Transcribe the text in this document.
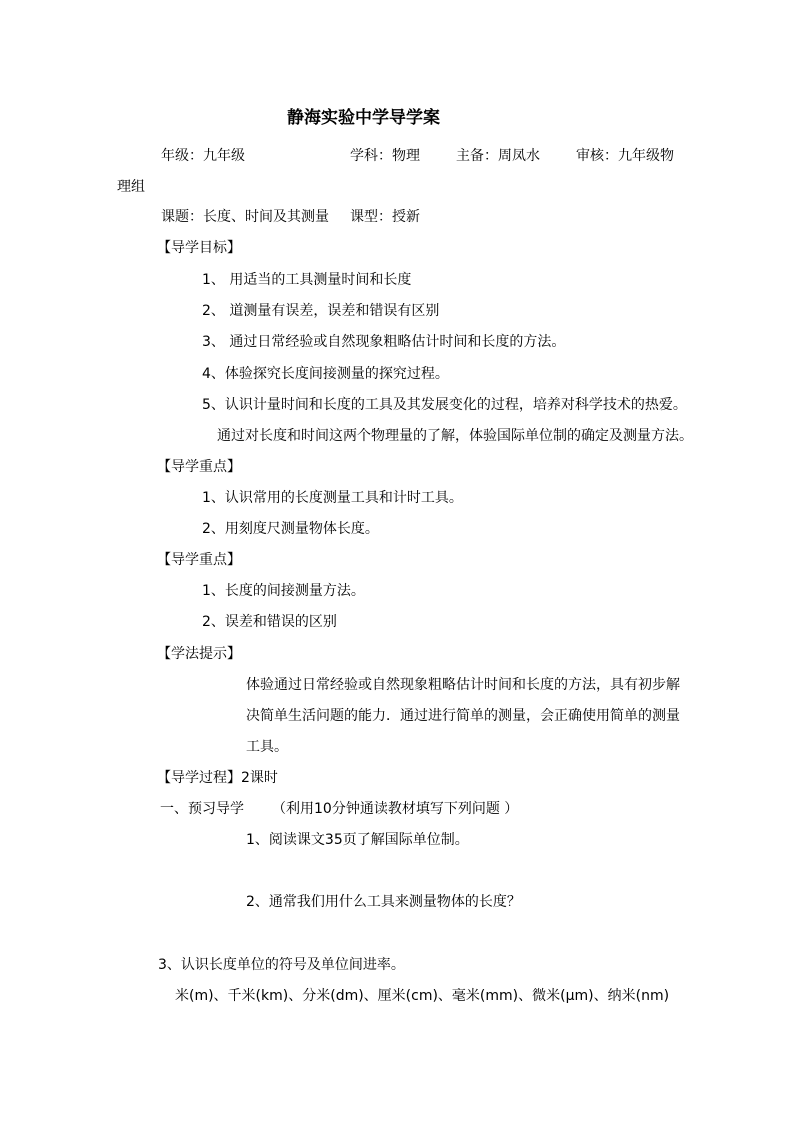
静海实验中学导学案
年级：九年级	学科：物理	主备：周凤水	审核：九年级物
理组
课题：长度、时间及其测量 课型：授新
【导学目标】
1、 用适当的工具测量时间和长度
2、 道测量有误差，误差和错误有区别
3、 通过日常经验或自然现象粗略估计时间和长度的方法。
4、体验探究长度间接测量的探究过程。
5、认识计量时间和长度的工具及其发展变化的过程，培养对科学技术的热爱。
通过对长度和时间这两个物理量的了解，体验国际单位制的确定及测量方法。
【导学重点】
1、认识常用的长度测量工具和计时工具。
2、用刻度尺测量物体长度。
【导学重点】
1、长度的间接测量方法。
2、误差和错误的区别
【学法提示】
体验通过日常经验或自然现象粗略估计时间和长度的方法，具有初步解
决简单生活问题的能力．通过进行简单的测量，会正确使用简单的测量
工具。
【导学过程】2课时
一、预习导学 （利用10分钟通读教材填写下列问题 ）
1、阅读课文35页了解国际单位制。
2、通常我们用什么工具来测量物体的长度？
3、认识长度单位的符号及单位间进率。
米(m)、千米(km)、分米(dm)、厘米(cm)、毫米(mm)、微米(μm)、纳米(nm)
